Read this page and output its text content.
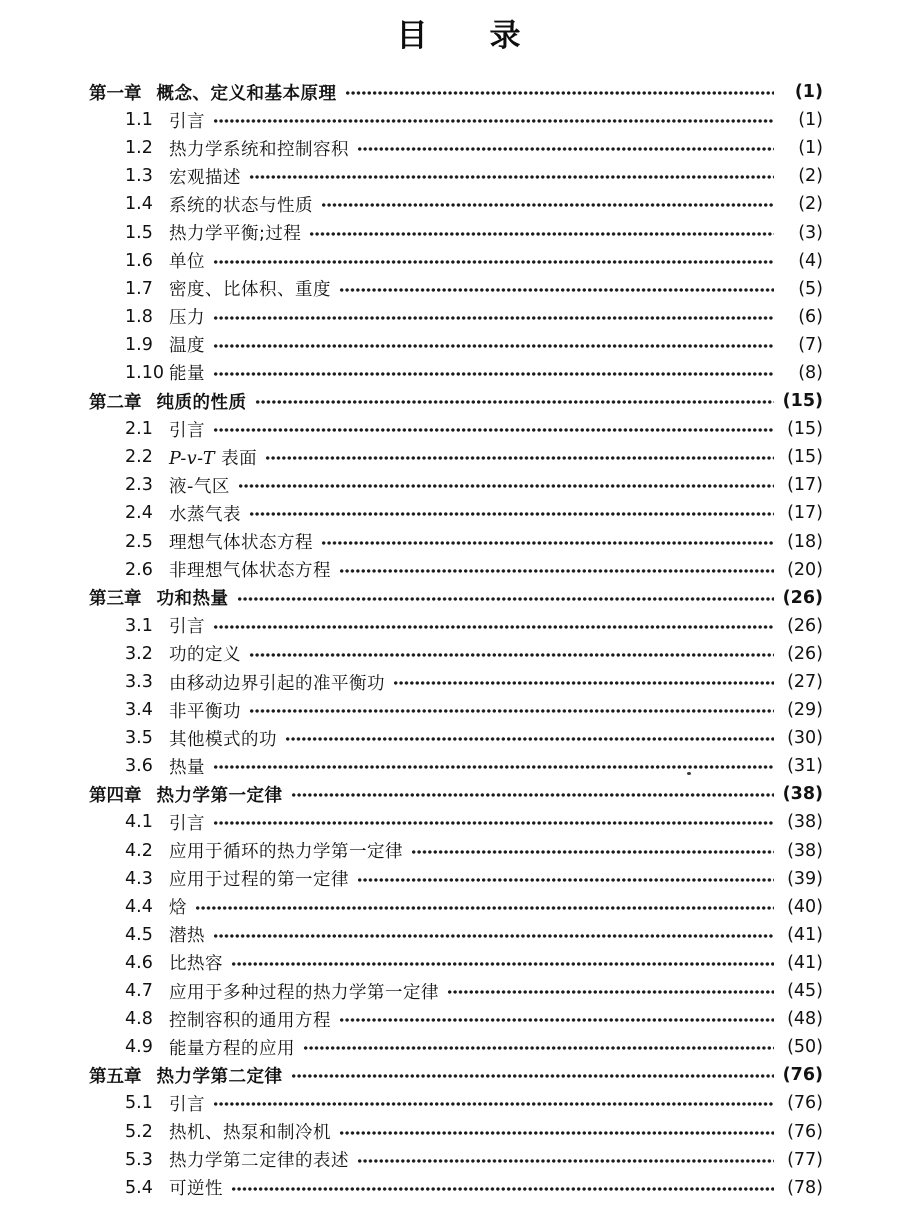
目　　录
第一章 概念、定义和基本原理	(1)
1.1 引言	(1)
1.2 热力学系统和控制容积	(1)
1.3 宏观描述	(2)
1.4 系统的状态与性质	(2)
1.5 热力学平衡;过程	(3)
1.6 单位	(4)
1.7 密度、比体积、重度	(5)
1.8 压力	(6)
1.9 温度	(7)
1.10 能量	(8)
第二章 纯质的性质	(15)
2.1 引言	(15)
2.2 P-v-T 表面	(15)
2.3 液-气区	(17)
2.4 水蒸气表	(17)
2.5 理想气体状态方程	(18)
2.6 非理想气体状态方程	(20)
第三章 功和热量	(26)
3.1 引言	(26)
3.2 功的定义	(26)
3.3 由移动边界引起的准平衡功	(27)
3.4 非平衡功	(29)
3.5 其他模式的功	(30)
3.6 热量	(31)
第四章 热力学第一定律	(38)
4.1 引言	(38)
4.2 应用于循环的热力学第一定律	(38)
4.3 应用于过程的第一定律	(39)
4.4 焓	(40)
4.5 潜热	(41)
4.6 比热容	(41)
4.7 应用于多种过程的热力学第一定律	(45)
4.8 控制容积的通用方程	(48)
4.9 能量方程的应用	(50)
第五章 热力学第二定律	(76)
5.1 引言	(76)
5.2 热机、热泵和制冷机	(76)
5.3 热力学第二定律的表述	(77)
5.4 可逆性	(78)
